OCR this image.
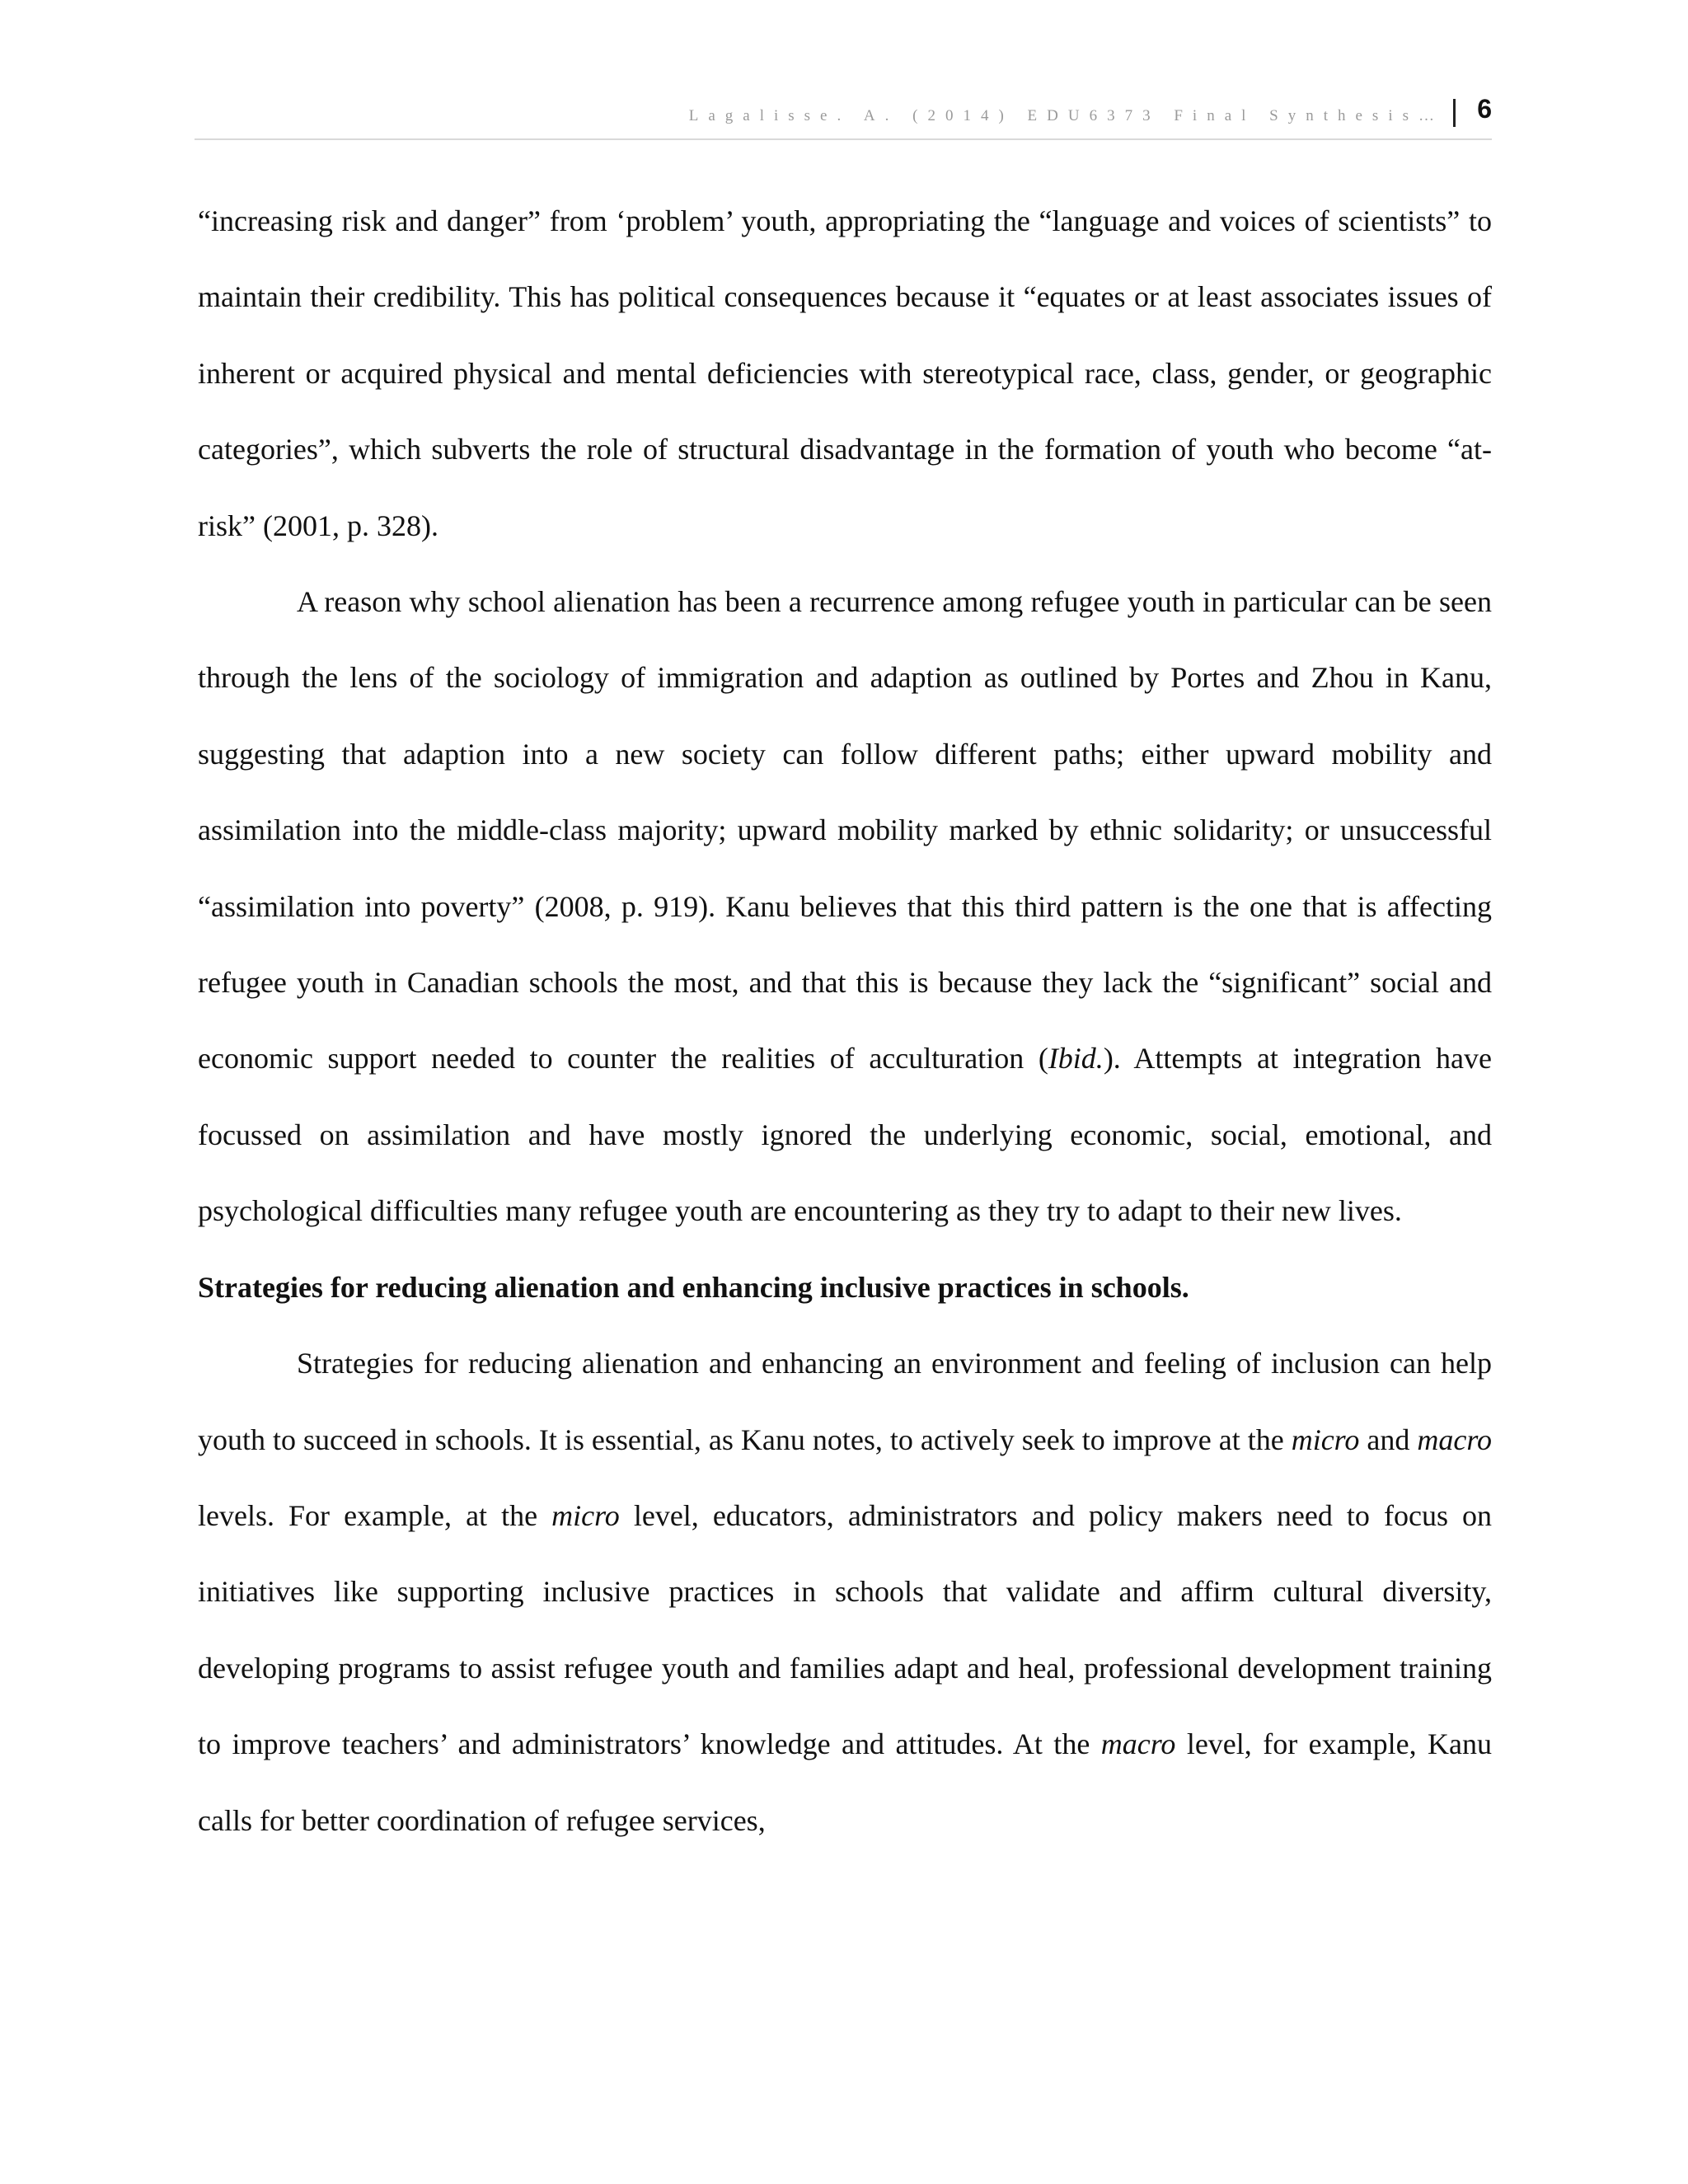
Lagalisse. A. (2014) EDU6373 Final Synthesis… 6

“increasing risk and danger” from ‘problem’ youth, appropriating the “language and voices of scientists” to maintain their credibility. This has political consequences because it “equates or at least associates issues of inherent or acquired physical and mental deficiencies with stereotypical race, class, gender, or geographic categories”, which subverts the role of structural disadvantage in the formation of youth who become “at-risk” (2001, p. 328).

A reason why school alienation has been a recurrence among refugee youth in particular can be seen through the lens of the sociology of immigration and adaption as outlined by Portes and Zhou in Kanu, suggesting that adaption into a new society can follow different paths; either upward mobility and assimilation into the middle-class majority; upward mobility marked by ethnic solidarity; or unsuccessful “assimilation into poverty” (2008, p. 919). Kanu believes that this third pattern is the one that is affecting refugee youth in Canadian schools the most, and that this is because they lack the “significant” social and economic support needed to counter the realities of acculturation (Ibid.). Attempts at integration have focussed on assimilation and have mostly ignored the underlying economic, social, emotional, and psychological difficulties many refugee youth are encountering as they try to adapt to their new lives.

Strategies for reducing alienation and enhancing inclusive practices in schools.

Strategies for reducing alienation and enhancing an environment and feeling of inclusion can help youth to succeed in schools. It is essential, as Kanu notes, to actively seek to improve at the micro and macro levels. For example, at the micro level, educators, administrators and policy makers need to focus on initiatives like supporting inclusive practices in schools that validate and affirm cultural diversity, developing programs to assist refugee youth and families adapt and heal, professional development training to improve teachers’ and administrators’ knowledge and attitudes. At the macro level, for example, Kanu calls for better coordination of refugee services,
